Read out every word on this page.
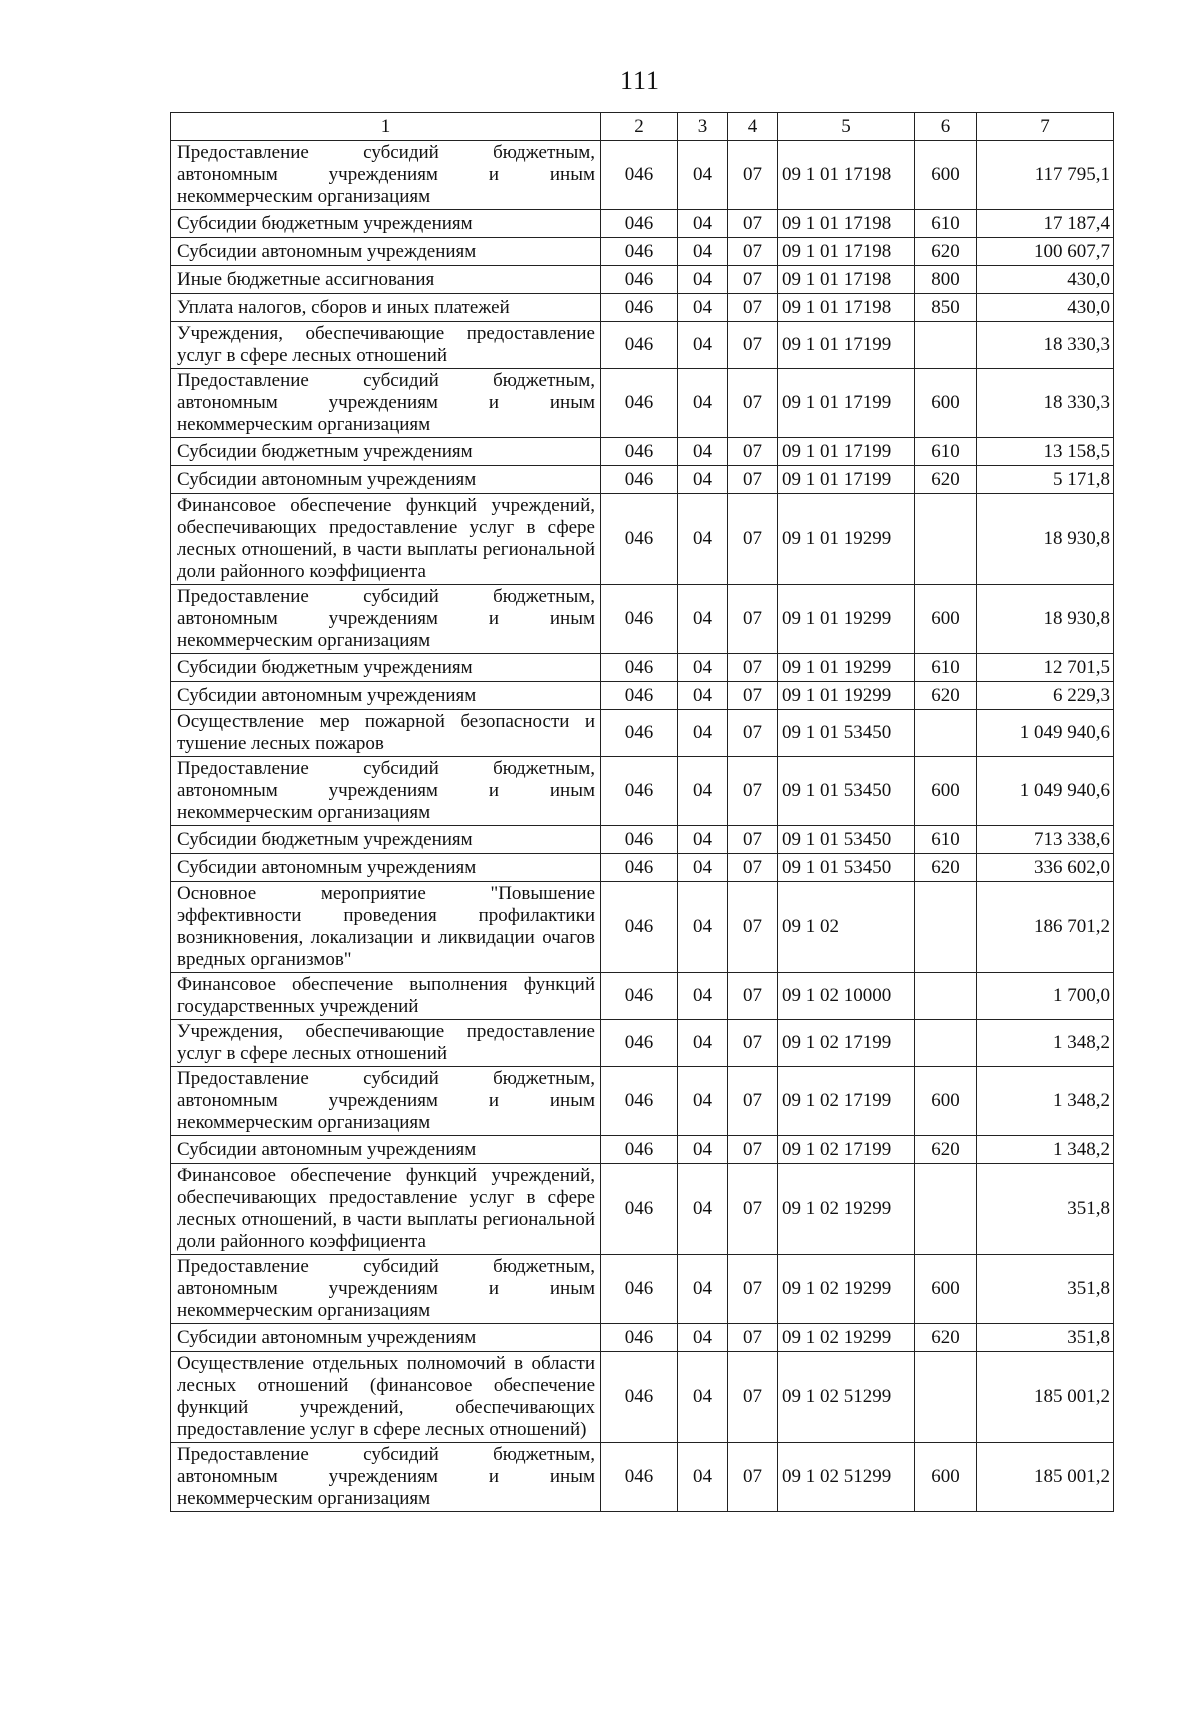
111
1	2	3	4	5	6	7
Предоставление субсидий бюджетным, автономным учреждениям и иным некоммерческим организациям	046	04	07	09 1 01 17198	600	117 795,1
Субсидии бюджетным учреждениям	046	04	07	09 1 01 17198	610	17 187,4
Субсидии автономным учреждениям	046	04	07	09 1 01 17198	620	100 607,7
Иные бюджетные ассигнования	046	04	07	09 1 01 17198	800	430,0
Уплата налогов, сборов и иных платежей	046	04	07	09 1 01 17198	850	430,0
Учреждения, обеспечивающие предоставление услуг в сфере лесных отношений	046	04	07	09 1 01 17199		18 330,3
Предоставление субсидий бюджетным, автономным учреждениям и иным некоммерческим организациям	046	04	07	09 1 01 17199	600	18 330,3
Субсидии бюджетным учреждениям	046	04	07	09 1 01 17199	610	13 158,5
Субсидии автономным учреждениям	046	04	07	09 1 01 17199	620	5 171,8
Финансовое обеспечение функций учреждений, обеспечивающих предоставление услуг в сфере лесных отношений, в части выплаты региональной доли районного коэффициента	046	04	07	09 1 01 19299		18 930,8
Предоставление субсидий бюджетным, автономным учреждениям и иным некоммерческим организациям	046	04	07	09 1 01 19299	600	18 930,8
Субсидии бюджетным учреждениям	046	04	07	09 1 01 19299	610	12 701,5
Субсидии автономным учреждениям	046	04	07	09 1 01 19299	620	6 229,3
Осуществление мер пожарной безопасности и тушение лесных пожаров	046	04	07	09 1 01 53450		1 049 940,6
Предоставление субсидий бюджетным, автономным учреждениям и иным некоммерческим организациям	046	04	07	09 1 01 53450	600	1 049 940,6
Субсидии бюджетным учреждениям	046	04	07	09 1 01 53450	610	713 338,6
Субсидии автономным учреждениям	046	04	07	09 1 01 53450	620	336 602,0
Основное мероприятие "Повышение эффективности проведения профилактики возникновения, локализации и ликвидации очагов вредных организмов"	046	04	07	09 1 02		186 701,2
Финансовое обеспечение выполнения функций государственных учреждений	046	04	07	09 1 02 10000		1 700,0
Учреждения, обеспечивающие предоставление услуг в сфере лесных отношений	046	04	07	09 1 02 17199		1 348,2
Предоставление субсидий бюджетным, автономным учреждениям и иным некоммерческим организациям	046	04	07	09 1 02 17199	600	1 348,2
Субсидии автономным учреждениям	046	04	07	09 1 02 17199	620	1 348,2
Финансовое обеспечение функций учреждений, обеспечивающих предоставление услуг в сфере лесных отношений, в части выплаты региональной доли районного коэффициента	046	04	07	09 1 02 19299		351,8
Предоставление субсидий бюджетным, автономным учреждениям и иным некоммерческим организациям	046	04	07	09 1 02 19299	600	351,8
Субсидии автономным учреждениям	046	04	07	09 1 02 19299	620	351,8
Осуществление отдельных полномочий в области лесных отношений (финансовое обеспечение функций учреждений, обеспечивающих предоставление услуг в сфере лесных отношений)	046	04	07	09 1 02 51299		185 001,2
Предоставление субсидий бюджетным, автономным учреждениям и иным некоммерческим организациям	046	04	07	09 1 02 51299	600	185 001,2
